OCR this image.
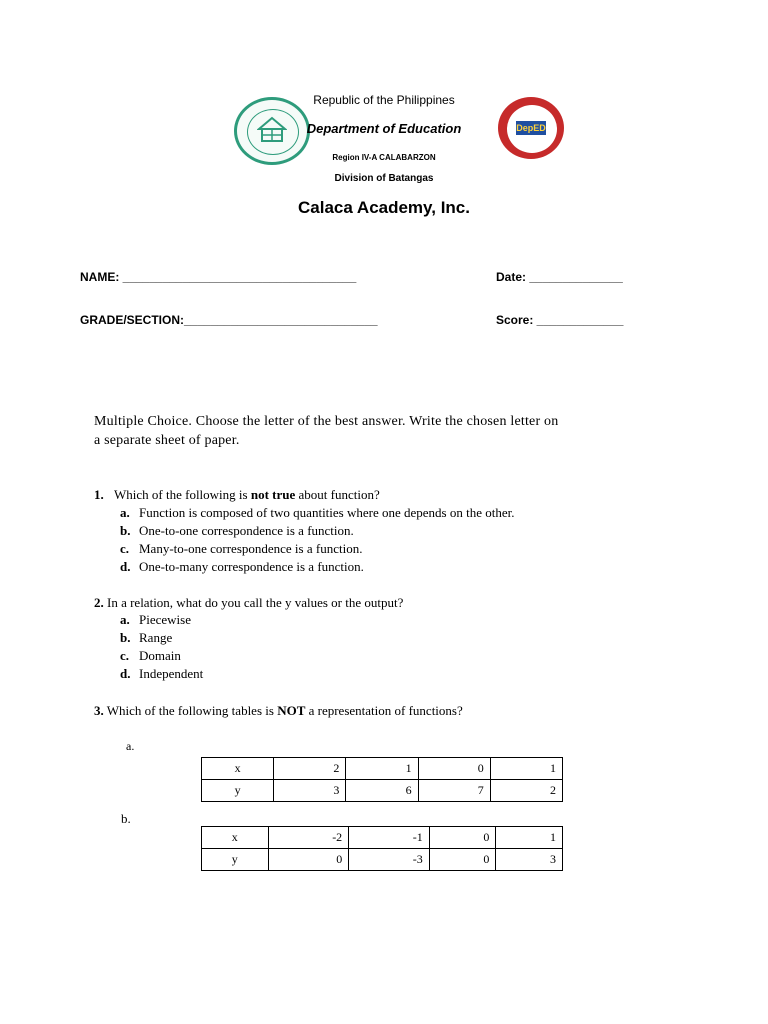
DepED
Republic of the Philippines
Department of Education
Region IV-A CALABARZON
Division of Batangas
Calaca Academy, Inc.
NAME: ___________________________________	Date: ______________
GRADE/SECTION:_____________________________	Score: _____________
Multiple Choice. Choose the letter of the best answer. Write the chosen letter on
a separate sheet of paper.
1. Which of the following is not true about function?
a. Function is composed of two quantities where one depends on the other.
b. One-to-one correspondence is a function.
c. Many-to-one correspondence is a function.
d. One-to-many correspondence is a function.
2. In a relation, what do you call the y values or the output?
a. Piecewise
b. Range
c. Domain
d. Independent
3. Which of the following tables is NOT a representation of functions?
a.
x	2	1	0	1
y	3	6	7	2
b.
x	-2	-1	0	1
y	0	-3	0	3
